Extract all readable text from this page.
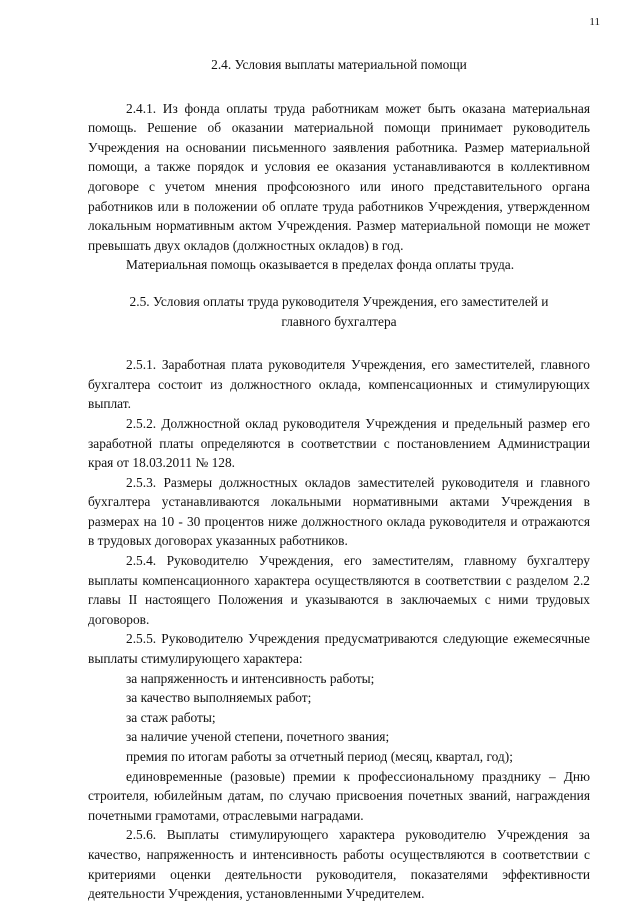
11

2.4. Условия выплаты материальной помощи

2.4.1. Из фонда оплаты труда работникам может быть оказана материальная помощь. Решение об оказании материальной помощи принимает руководитель Учреждения на основании письменного заявления работника. Размер материальной помощи, а также порядок и условия ее оказания устанавливаются в коллективном договоре с учетом мнения профсоюзного или иного представительного органа работников или в положении об оплате труда работников Учреждения, утвержденном локальным нормативным актом Учреждения. Размер материальной помощи не может превышать двух окладов (должностных окладов) в год.

Материальная помощь оказывается в пределах фонда оплаты труда.

2.5. Условия оплаты труда руководителя Учреждения, его заместителей и главного бухгалтера

2.5.1. Заработная плата руководителя Учреждения, его заместителей, главного бухгалтера состоит из должностного оклада, компенсационных и стимулирующих выплат.

2.5.2. Должностной оклад руководителя Учреждения и предельный размер его заработной платы определяются в соответствии с постановлением Администрации края от 18.03.2011 № 128.

2.5.3. Размеры должностных окладов заместителей руководителя и главного бухгалтера устанавливаются локальными нормативными актами Учреждения в размерах на 10 - 30 процентов ниже должностного оклада руководителя и отражаются в трудовых договорах указанных работников.

2.5.4. Руководителю Учреждения, его заместителям, главному бухгалтеру выплаты компенсационного характера осуществляются в соответствии с разделом 2.2 главы II настоящего Положения и указываются в заключаемых с ними трудовых договоров.

2.5.5. Руководителю Учреждения предусматриваются следующие ежемесячные выплаты стимулирующего характера:

за напряженность и интенсивность работы;

за качество выполняемых работ;

за стаж работы;

за наличие ученой степени, почетного звания;

премия по итогам работы за отчетный период (месяц, квартал, год);

единовременные (разовые) премии к профессиональному празднику – Дню строителя, юбилейным датам, по случаю присвоения почетных званий, награждения почетными грамотами, отраслевыми наградами.

2.5.6. Выплаты стимулирующего характера руководителю Учреждения за качество, напряженность и интенсивность работы осуществляются в соответствии с критериями оценки деятельности руководителя, показателями эффективности деятельности Учреждения, установленными Учредителем.
